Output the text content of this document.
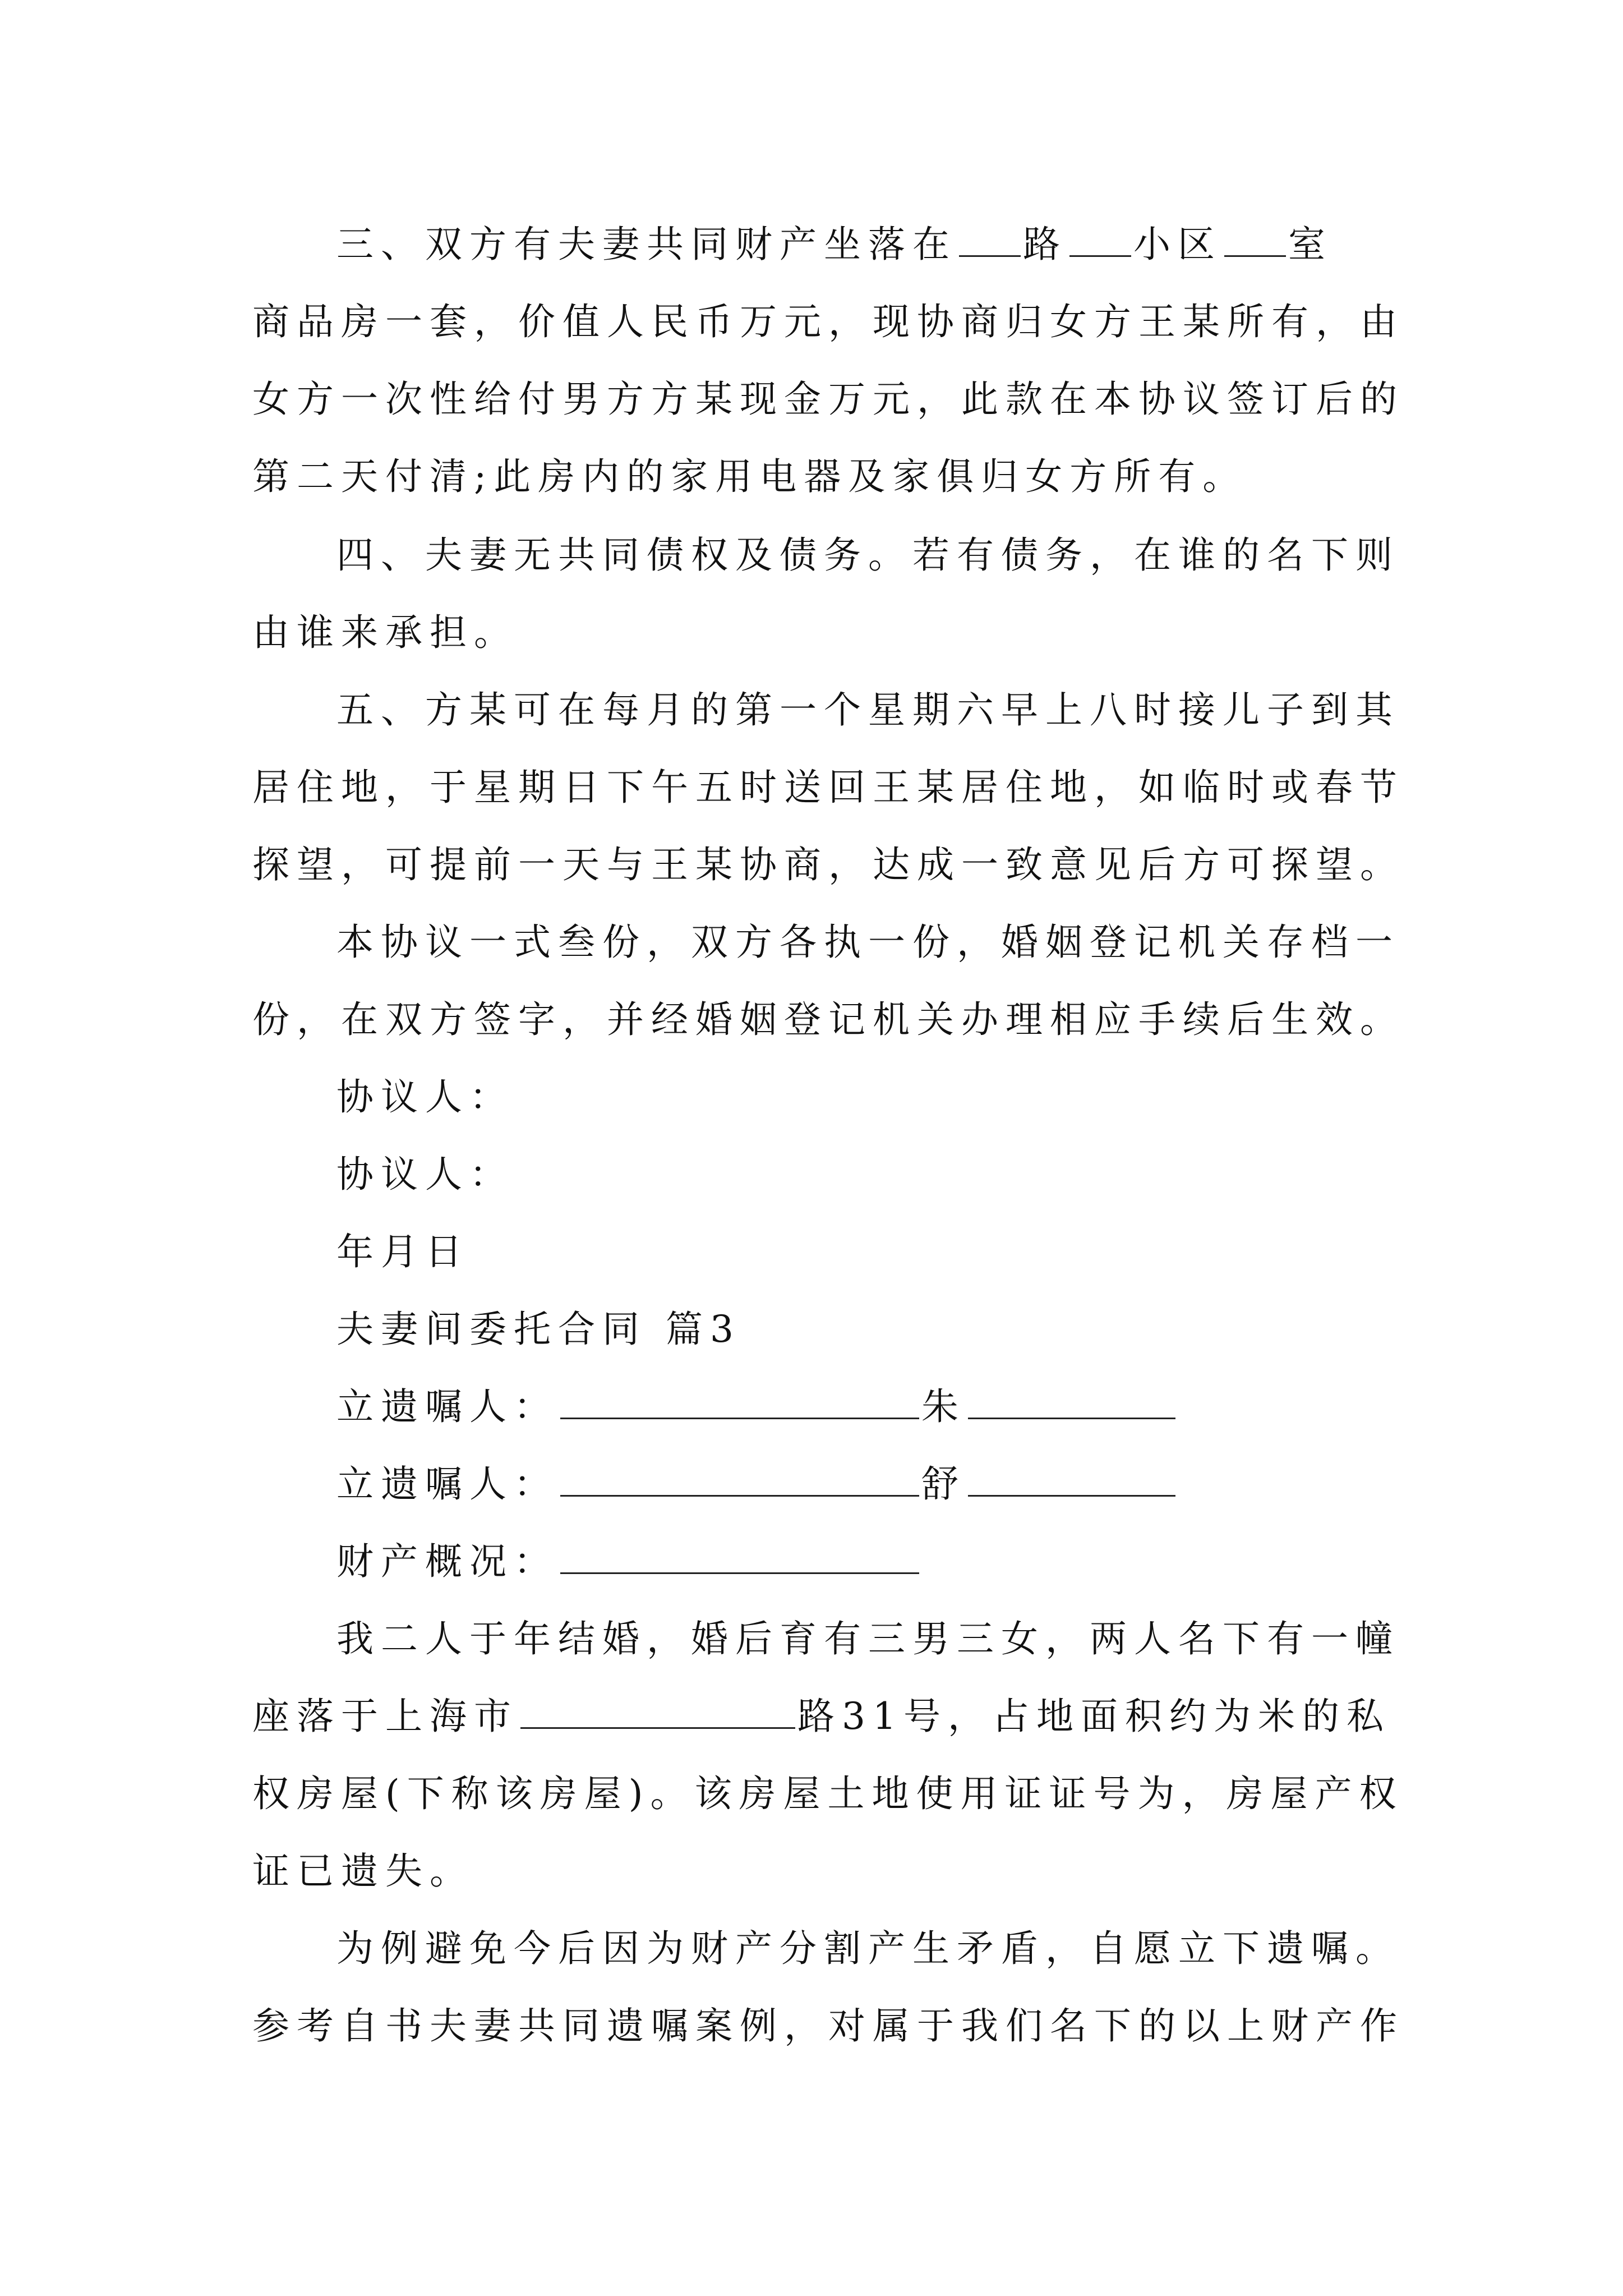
三、双方有夫妻共同财产坐落在 路 小区 室

商品房一套，价值人民币万元，现协商归女方王某所有，由

女方一次性给付男方方某现金万元，此款在本协议签订后的

第二天付清;此房内的家用电器及家俱归女方所有。

四、夫妻无共同债权及债务。若有债务，在谁的名下则

由谁来承担。

五、方某可在每月的第一个星期六早上八时接儿子到其

居住地，于星期日下午五时送回王某居住地，如临时或春节

探望，可提前一天与王某协商，达成一致意见后方可探望。

本协议一式叁份，双方各执一份，婚姻登记机关存档一

份，在双方签字，并经婚姻登记机关办理相应手续后生效。

协议人：

协议人：

年月日

夫妻间委托合同 篇3

立遗嘱人：	朱

立遗嘱人：	舒

财产概况：

我二人于年结婚，婚后育有三男三女，两人名下有一幢

座落于上海市	路31号，占地面积约为米的私

权房屋(下称该房屋)。该房屋土地使用证证号为，房屋产权

证已遗失。

为例避免今后因为财产分割产生矛盾，自愿立下遗嘱。

参考自书夫妻共同遗嘱案例，对属于我们名下的以上财产作
